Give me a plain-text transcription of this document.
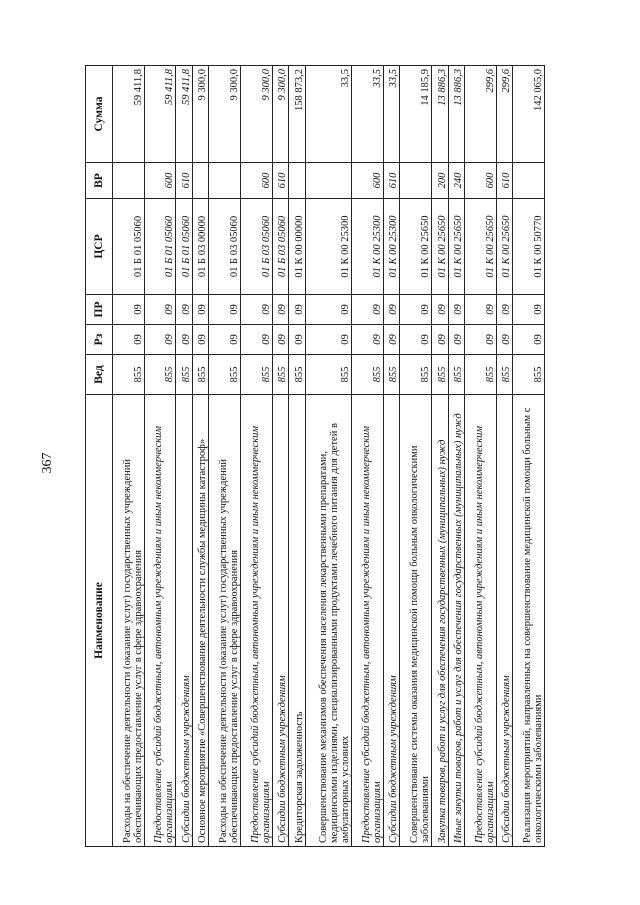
367
Наименование	Вед	Рз	ПР	ЦСР	ВР	Сумма
Расходы на обеспечение деятельности (оказание услуг) государственных учреждений обеспечивающих предоставление услуг в сфере здравоохранения	855	09	09	01 Б 01 05060		59 411,8
Предоставление субсидий бюджетным, автономным учреждениям и иным некоммерческим организациям	855	09	09	01 Б 01 05060	600	59 411,8
Субсидии бюджетным учреждениям	855	09	09	01 Б 01 05060	610	59 411,8
Основное мероприятие «Совершенствование деятельности службы медицины катастроф»	855	09	09	01 Б 03 00000		9 300,0
Расходы на обеспечение деятельности (оказание услуг) государственных учреждений обеспечивающих предоставление услуг в сфере здравоохранения	855	09	09	01 Б 03 05060		9 300,0
Предоставление субсидий бюджетным, автономным учреждениям и иным некоммерческим организациям	855	09	09	01 Б 03 05060	600	9 300,0
Субсидии бюджетным учреждениям	855	09	09	01 Б 03 05060	610	9 300,0
Кредиторская задолженность	855	09	09	01 К 00 00000		158 873,2
Совершенствование механизмов обеспечения населения лекарственными препаратами, медицинскими изделиями, специализированными продуктами лечебного питания для детей в амбулаторных условиях	855	09	09	01 К 00 25300		33,5
Предоставление субсидий бюджетным, автономным учреждениям и иным некоммерческим организациям	855	09	09	01 К 00 25300	600	33,5
Субсидии бюджетным учреждениям	855	09	09	01 К 00 25300	610	33,5
Совершенствование системы оказания медицинской помощи больным онкологическими заболеваниями	855	09	09	01 К 00 25650		14 185,9
Закупка товаров, работ и услуг для обеспечения государственных (муниципальных) нужд	855	09	09	01 К 00 25650	200	13 886,3
Иные закупки товаров, работ и услуг для обеспечения государственных (муниципальных) нужд	855	09	09	01 К 00 25650	240	13 886,3
Предоставление субсидий бюджетным, автономным учреждениям и иным некоммерческим организациям	855	09	09	01 К 00 25650	600	299,6
Субсидии бюджетным учреждениям	855	09	09	01 К 00 25650	610	299,6
Реализация мероприятий, направленных на совершенствование медицинской помощи больным с онкологическими заболеваниями	855	09	09	01 К 00 50770		142 065,0
